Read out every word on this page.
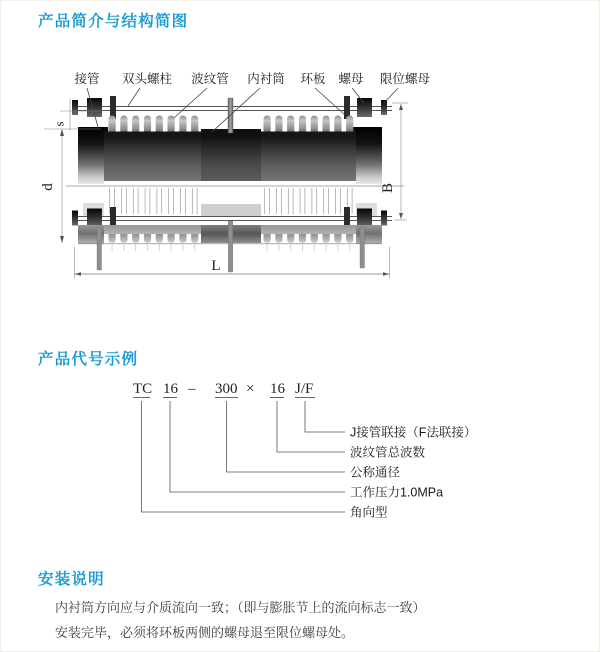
产品简介与结构简图
s
d	B
L
接管 双头螺柱 波纹管 内衬筒 环板 螺母 限位螺母
产品代号示例
TC 16 – 300 × 16 J/F
J接管联接（F法联接）
波纹管总波数
公称通径
工作压力1.0MPa
角向型
安装说明
内衬筒方向应与介质流向一致；（即与膨胀节上的流向标志一致）
安装完毕，必须将环板两侧的螺母退至限位螺母处。
